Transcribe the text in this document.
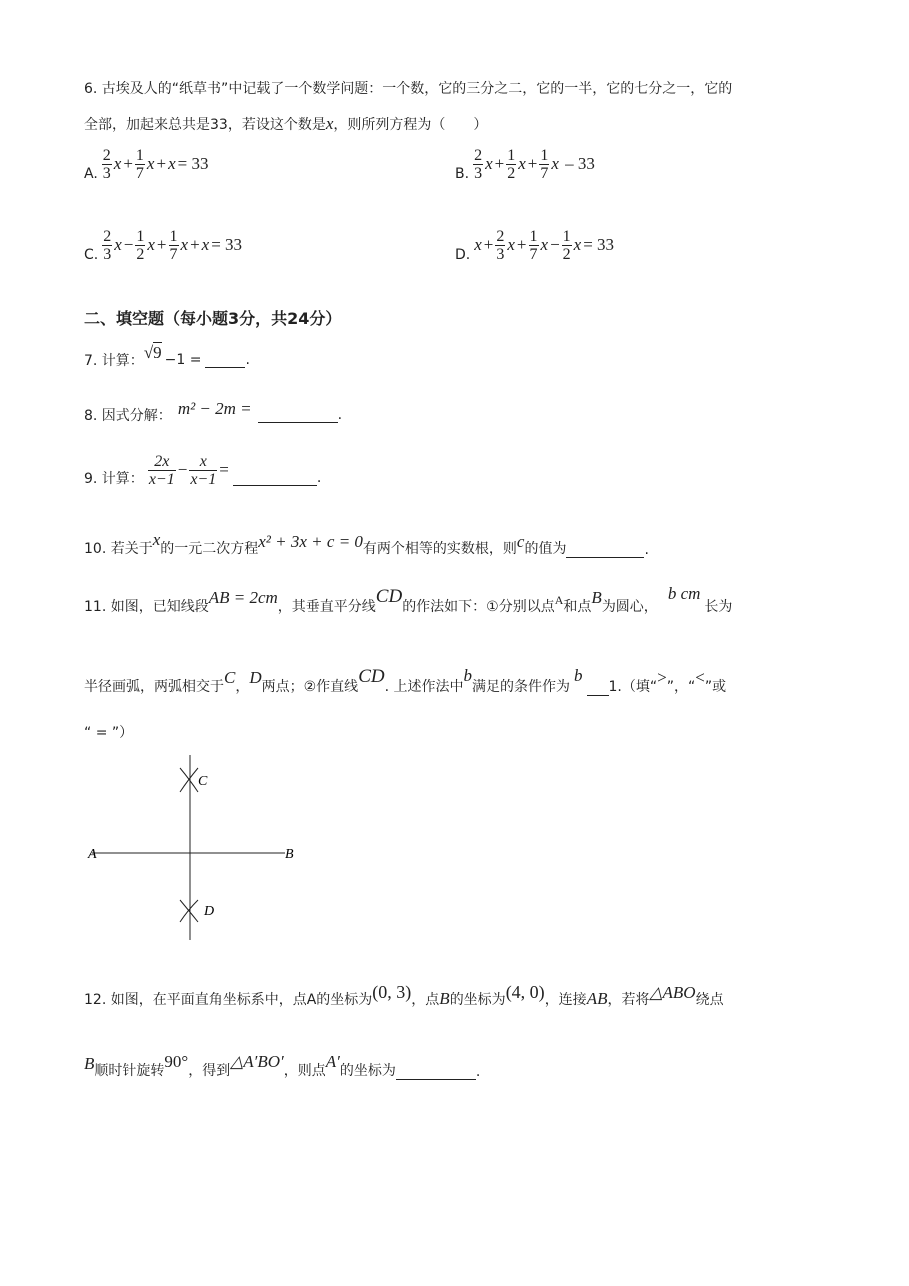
6. 古埃及人的“纸草书”中记载了一个数学问题：一个数，它的三分之二，它的一半，它的七分之一，它的
全部，加起来总共是33，若设这个数是x，则所列方程为（　　）
A. $\frac{2}{3}$ $x + \frac{1}{7}$ x + x = 33
B. $\frac{2}{3}$ $x + \frac{1}{2}$ $x + \frac{1}{7}$ x – 33
C. $\frac{2}{3}$ $x - \frac{1}{2}$ $x + \frac{1}{7}$ x + x = 33
D.
$x + \frac{2}{3}$ $x + \frac{1}{7}$ $x - \frac{1}{2}$ x = 33
二、填空题（每小题3分，共24分）
7. 计算： √9 −1 =	.
8. 因式分解： m² − 2m =	.
9. 计算： $\frac{2x}{x-1} - \frac{x}{x-1}$ =	.
10. 若关于 x 的一元二次方程 x² + 3x + c = 0 有两个相等的实数根，则 c 的值为	.
11. 如图，已知线段 AB = 2cm ，其垂直平分线 CD 的作法如下：①分别以点 A 和点 B 为圆心，
b cm
长为
半径画弧，两弧相交于 C ， D 两点；②作直线 CD . 上述作法中
b
满足的条件作为
b
1.（填“ > ”，“ < ”或
“ = ”）
A	B
C
D
12. 如图，在平面直角坐标系中，点A的坐标为 (0, 3) ，点 B 的坐标为 (4, 0) ，连接 AB ，若将 △ABO 绕点
B 顺时针旋转 90° ，得到 △A′BO′ ，则点 A′ 的坐标为	.
